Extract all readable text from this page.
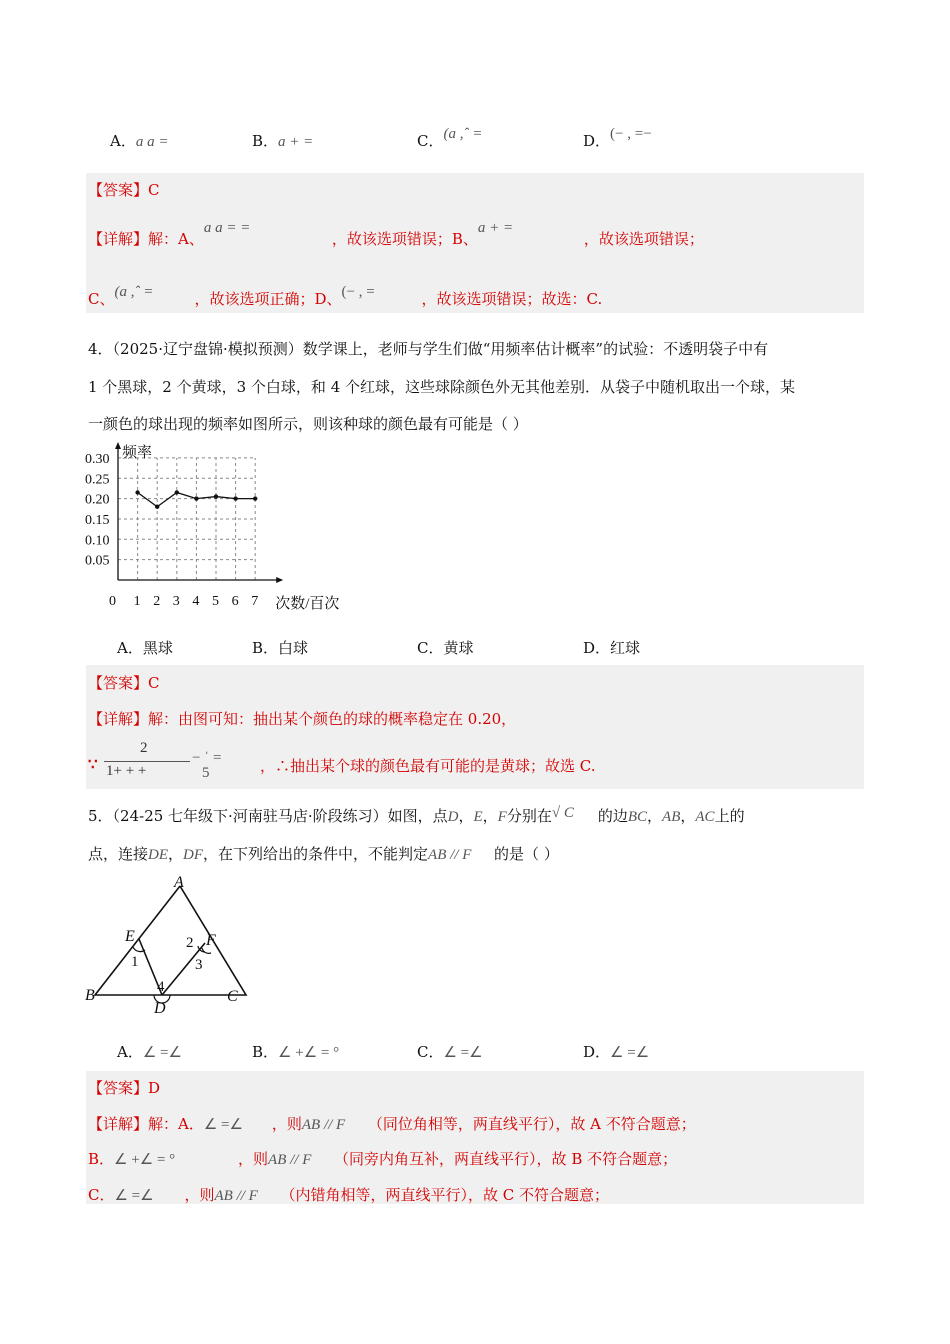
A．a a =	B．a + =	C．(a ,ˆ =	D．(− , =−
【答案】C
【详解】解：A、a a = =，故该选项错误；B、a + =，故该选项错误；
C、(a ,ˆ =	，故该选项正确；D、(− , =	，故该选项错误；故选：C.
4．（2025·辽宁盘锦·模拟预测）数学课上，老师与学生们做“用频率估计概率”的试验：不透明袋子中有
1 个黑球，2 个黄球，3 个白球，和 4 个红球，这些球除颜色外无其他差别．从袋子中随机取出一个球，某
一颜色的球出现的频率如图所示，则该种球的颜色最有可能是（ ）
0.05
0.10
0.15
0.20
0.25
0.30
0 1 2 3 4 5 6 7
频率
次数/百次
A．黑球	B．白球	C．黄球	D．红球
【答案】C
【详解】解：由图可知：抽出某个颜色的球的概率稳定在 0.20，
∵
2
1+ + +
− ˈ =
5	，∴抽出某个球的颜色最有可能的是黄球；故选 C.
5．（24-25 七年级下·河南驻马店·阶段练习）如图，点D，E，F分别在√ C 的边BC，AB，AC上的
点，连接DE，DF，在下列给出的条件中，不能判定AB // F 的是（ ）
A
E	F
B
D
C
1
2
3
4
A．∠ =∠	B．∠ +∠ = °	C．∠ =∠	D．∠ =∠
【答案】D
【详解】解：A．∠ =∠ ，则AB // F （同位角相等，两直线平行），故 A 不符合题意；
B．∠ +∠ = °	，则AB // F （同旁内角互补，两直线平行），故 B 不符合题意；
C．∠ =∠ ，则AB // F （内错角相等，两直线平行），故 C 不符合题意；
